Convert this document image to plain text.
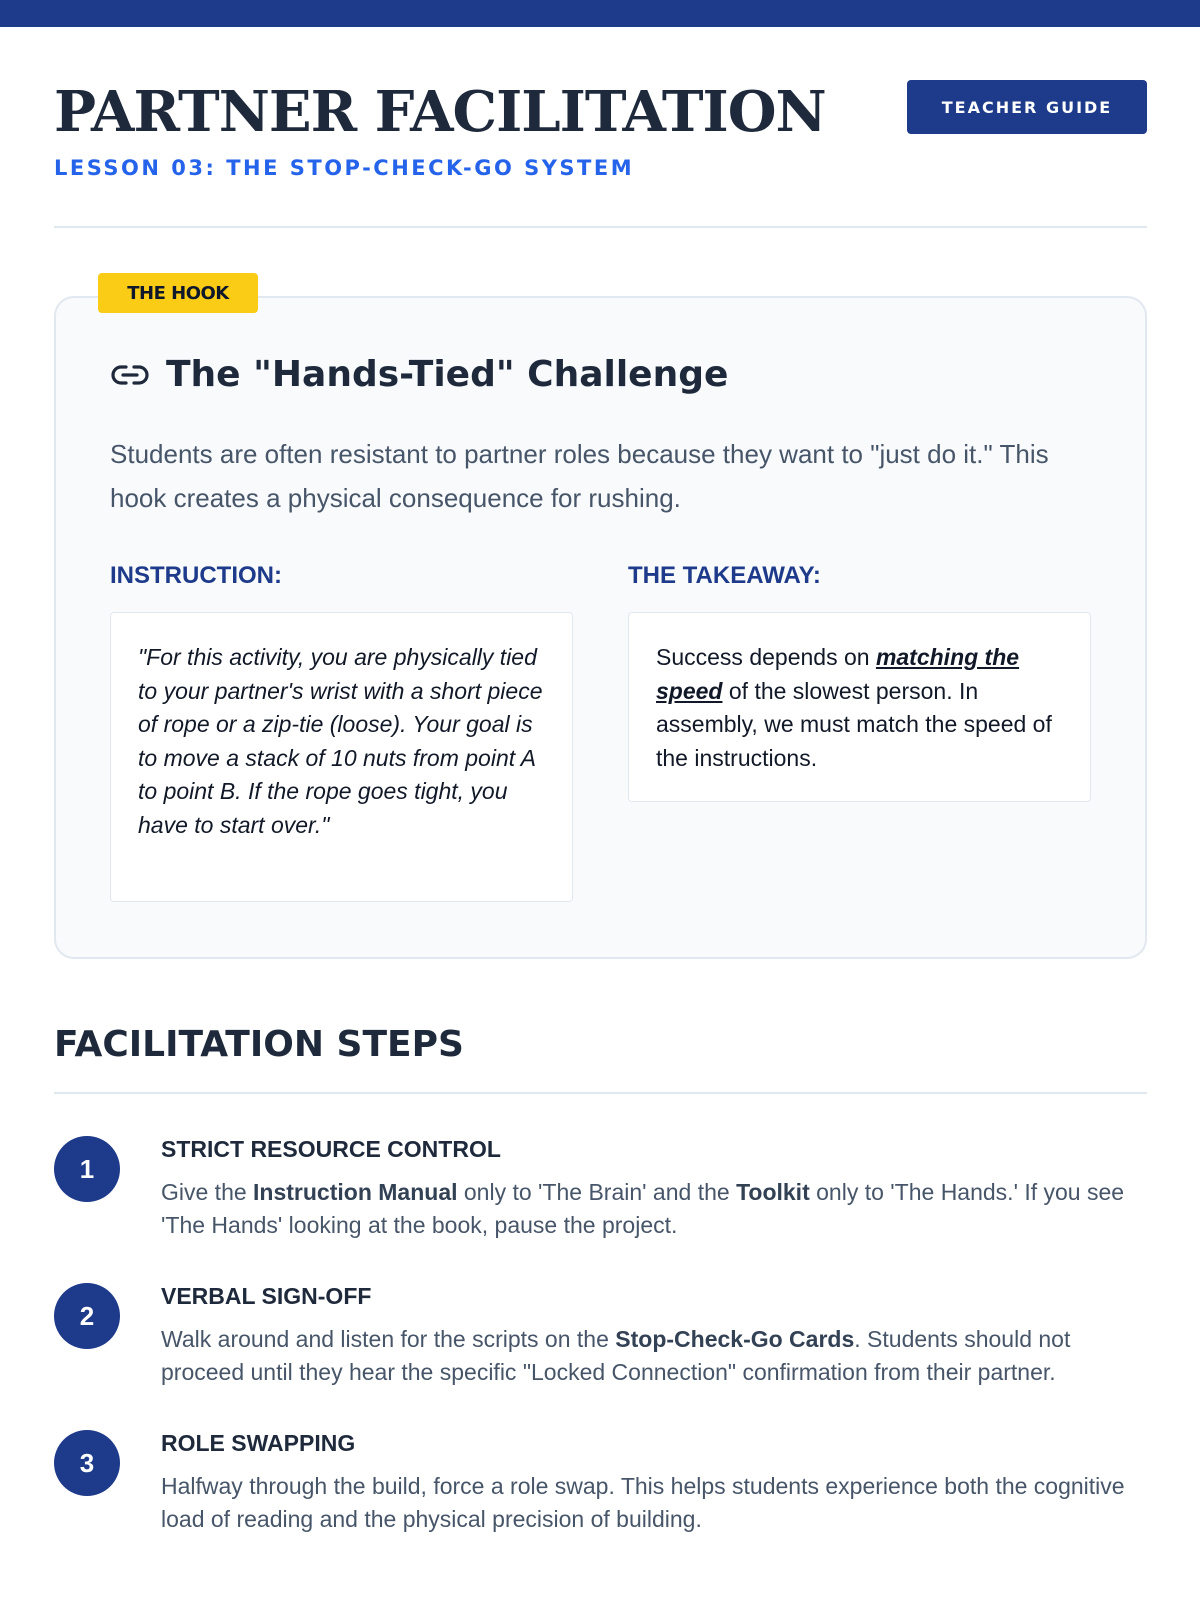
PARTNER FACILITATION
LESSON 03: THE STOP-CHECK-GO SYSTEM
TEACHER GUIDE
THE HOOK
The "Hands-Tied" Challenge

Students are often resistant to partner roles because they want to "just do it." This hook creates a physical consequence for rushing.

INSTRUCTION:	THE TAKEAWAY:
"For this activity, you are physically tied to your partner's wrist with a short piece of rope or a zip-tie (loose). Your goal is to move a stack of 10 nuts from point A to point B. If the rope goes tight, you have to start over."
Success depends on matching the speed of the slowest person. In assembly, we must match the speed of the instructions.
FACILITATION STEPS
1
STRICT RESOURCE CONTROL
Give the Instruction Manual only to 'The Brain' and the Toolkit only to 'The Hands.' If you see 'The Hands' looking at the book, pause the project.
2
VERBAL SIGN-OFF
Walk around and listen for the scripts on the Stop-Check-Go Cards. Students should not proceed until they hear the specific "Locked Connection" confirmation from their partner.
3
ROLE SWAPPING
Halfway through the build, force a role swap. This helps students experience both the cognitive load of reading and the physical precision of building.
